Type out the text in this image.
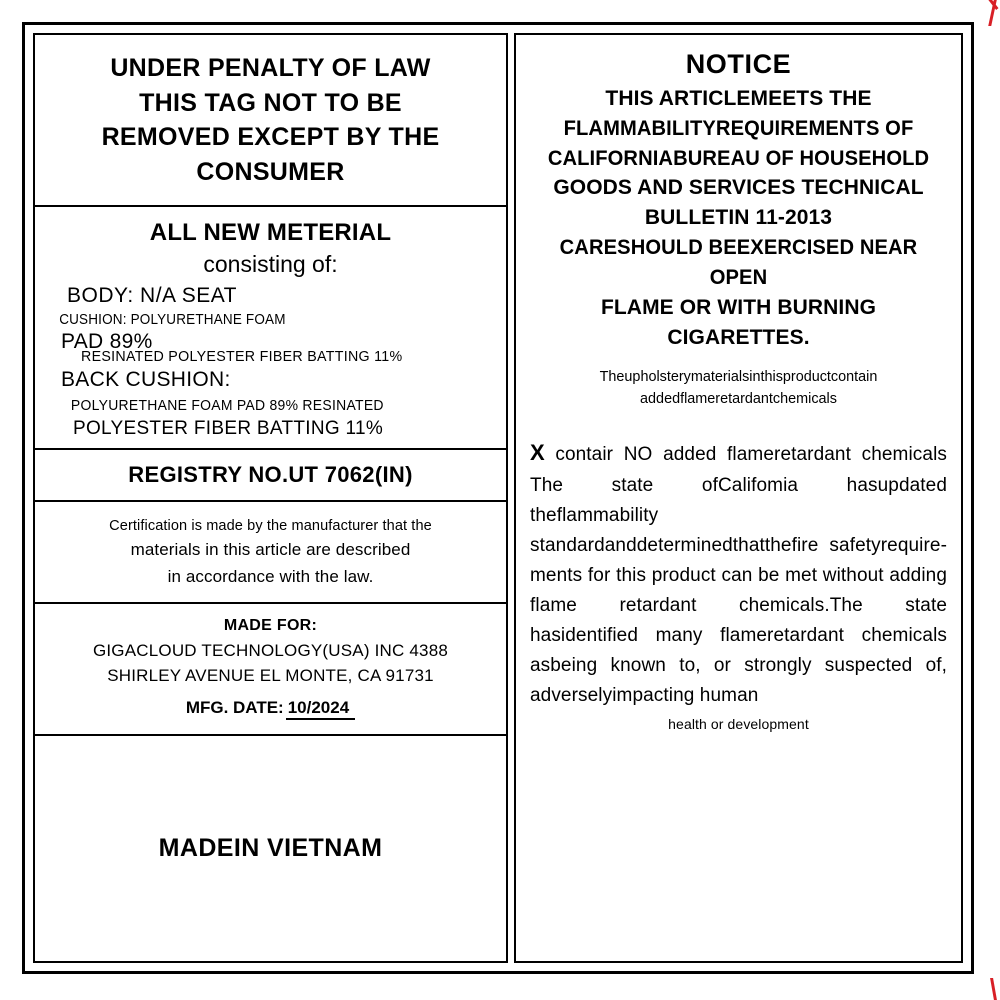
UNDER PENALTY OF LAW
THIS TAG NOT TO BE
REMOVED EXCEPT BY THE
CONSUMER
ALL NEW METERIAL
consisting of:
BODY: N/A SEAT
CUSHION: POLYURETHANE FOAM
PAD 89%
RESINATED POLYESTER FIBER BATTING 11%
BACK CUSHION:
POLYURETHANE FOAM PAD 89% RESINATED
POLYESTER FIBER BATTING 11%
REGISTRY NO.UT 7062(IN)
Certification is made by the manufacturer that the
materials in this article are described
in accordance with the law.
MADE FOR:
GIGACLOUD TECHNOLOGY(USA) INC 4388
SHIRLEY AVENUE EL MONTE, CA 91731
MFG. DATE: 10/2024
MADEIN VIETNAM
NOTICE
THIS ARTICLEMEETS THE
FLAMMABILITYREQUIREMENTS OF
CALIFORNIABUREAU OF HOUSEHOLD
GOODS AND SERVICES TECHNICAL
BULLETIN 11-2013
CARESHOULD BEEXERCISED NEAR OPEN
FLAME OR WITH BURNING
CIGARETTES.
Theupholsterymaterialsinthisproductcontain
addedflameretardantchemicals
X contair NO added flameretardant chemicals The state ofCalifomia hasupdated theflammability standardanddeterminedthatthefire safetyrequire- ments for this product can be met without adding flame retardant chemicals.The state hasidentified many flameretardant chemicals asbeing known to, or strongly suspected of, adverselyimpacting human
health or development
